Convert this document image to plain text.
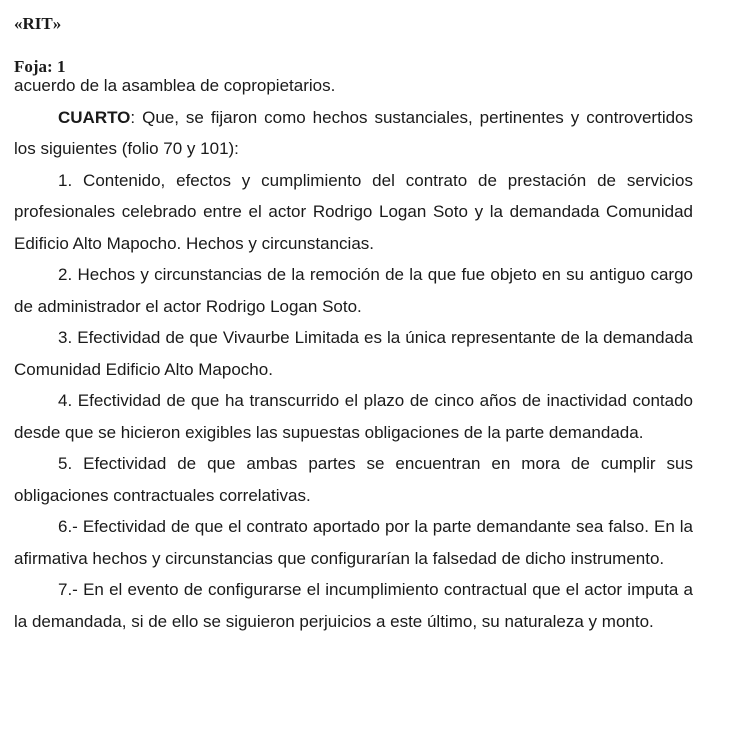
«RIT»
Foja: 1

acuerdo de la asamblea de copropietarios.

CUARTO: Que, se fijaron como hechos sustanciales, pertinentes y controvertidos los siguientes (folio 70 y 101):

1. Contenido, efectos y cumplimiento del contrato de prestación de servicios profesionales celebrado entre el actor Rodrigo Logan Soto y la demandada Comunidad Edificio Alto Mapocho. Hechos y circunstancias.

2. Hechos y circunstancias de la remoción de la que fue objeto en su antiguo cargo de administrador el actor Rodrigo Logan Soto.

3. Efectividad de que Vivaurbe Limitada es la única representante de la demandada Comunidad Edificio Alto Mapocho.

4. Efectividad de que ha transcurrido el plazo de cinco años de inactividad contado desde que se hicieron exigibles las supuestas obligaciones de la parte demandada.

5. Efectividad de que ambas partes se encuentran en mora de cumplir sus obligaciones contractuales correlativas.

6.- Efectividad de que el contrato aportado por la parte demandante sea falso. En la afirmativa hechos y circunstancias que configurarían la falsedad de dicho instrumento.

7.- En el evento de configurarse el incumplimiento contractual que el actor imputa a la demandada, si de ello se siguieron perjuicios a este último, su naturaleza y monto.
